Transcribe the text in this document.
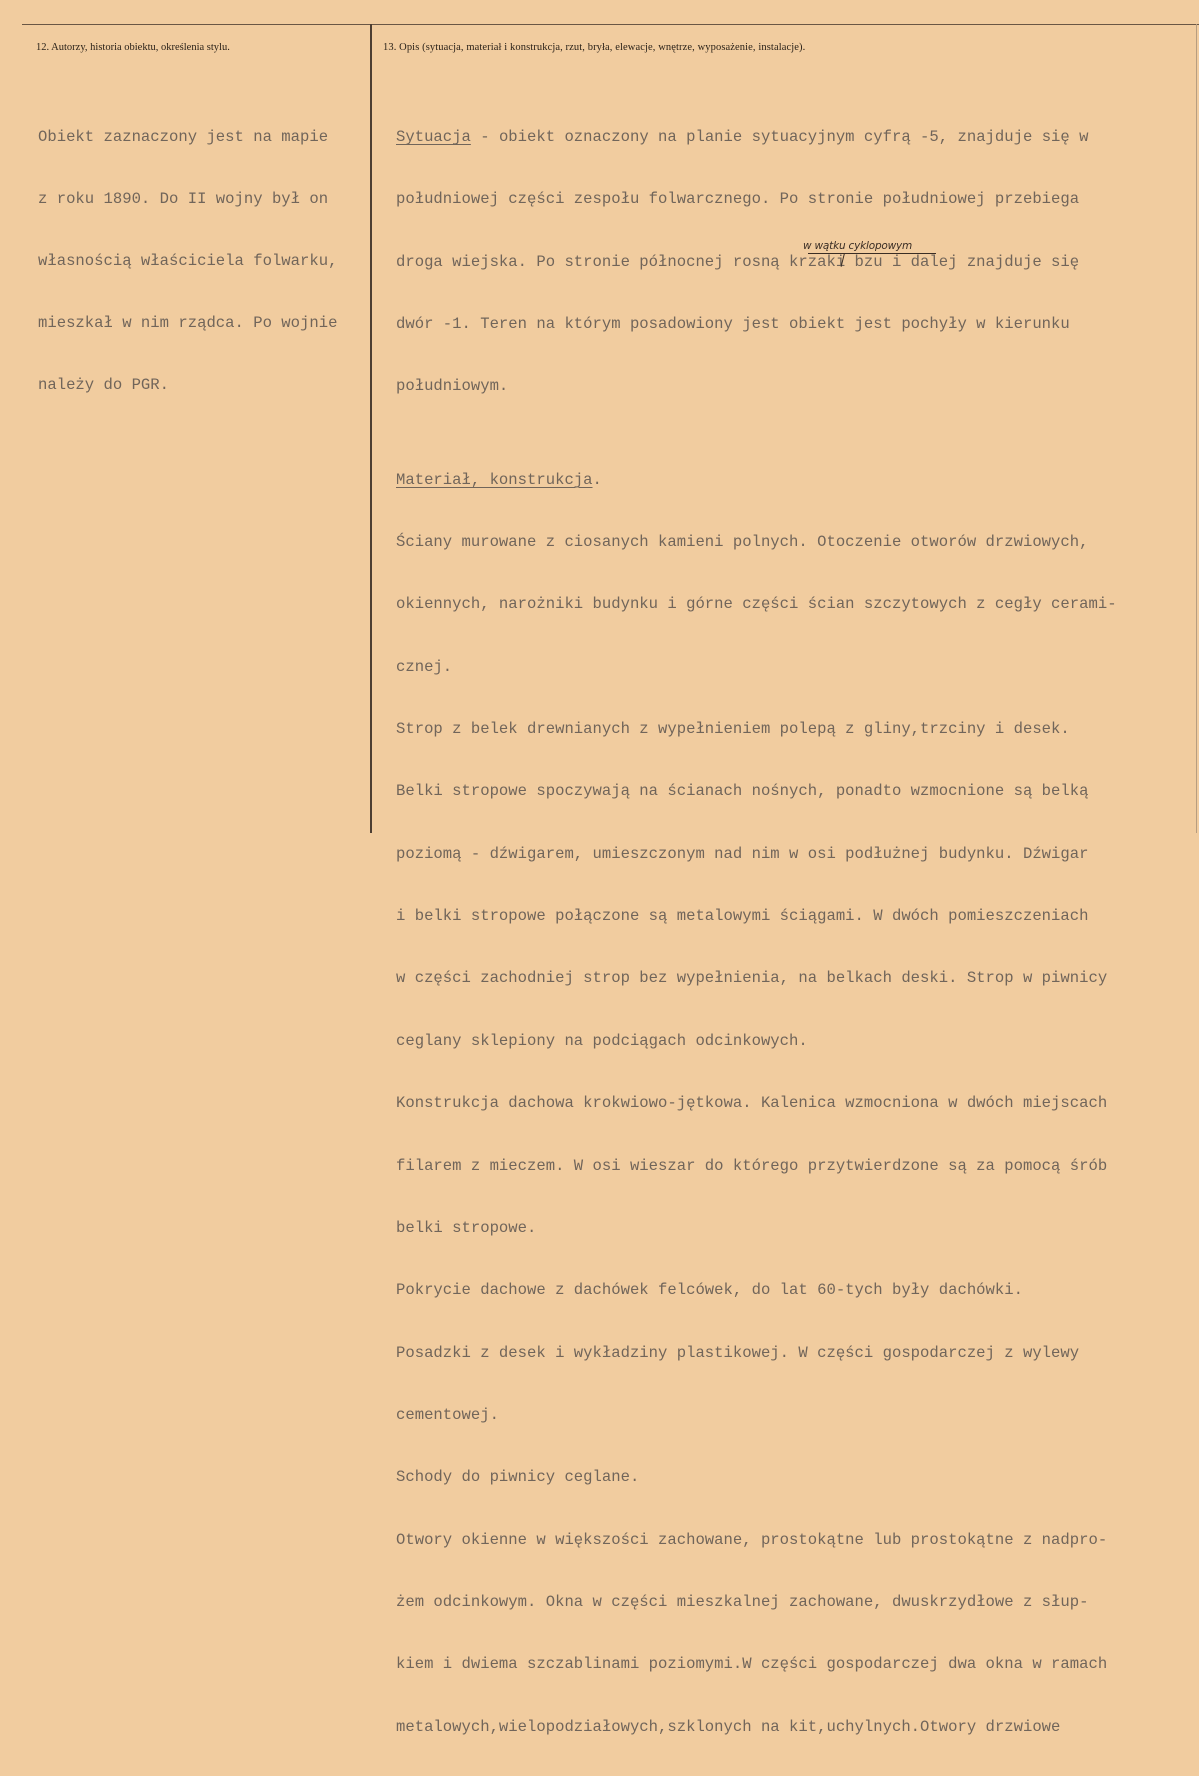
12. Autorzy, historia obiektu, określenia stylu.	13. Opis (sytuacja, materiał i konstrukcja, rzut, bryła, elewacje, wnętrze, wyposażenie, instalacje).

Obiekt zaznaczony jest na mapie

z roku 1890. Do II wojny był on

własnością właściciela folwarku,

mieszkał w nim rządca. Po wojnie

należy do PGR.

Sytuacja - obiekt oznaczony na planie sytuacyjnym cyfrą -5, znajduje się w

południowej części zespołu folwarcznego. Po stronie południowej przebiega

droga wiejska. Po stronie północnej rosną krzaki bzu i dalej znajduje się

dwór -1. Teren na którym posadowiony jest obiekt jest pochyły w kierunku

południowym.

Materiał, konstrukcja.

Ściany murowane z ciosanych kamieni polnych. Otoczenie otworów drzwiowych,

okiennych, narożniki budynku i górne części ścian szczytowych z cegły cerami-

cznej.

Strop z belek drewnianych z wypełnieniem polepą z gliny,trzciny i desek.

Belki stropowe spoczywają na ścianach nośnych, ponadto wzmocnione są belką

poziomą - dźwigarem, umieszczonym nad nim w osi podłużnej budynku. Dźwigar

i belki stropowe połączone są metalowymi ściągami. W dwóch pomieszczeniach

w części zachodniej strop bez wypełnienia, na belkach deski. Strop w piwnicy

ceglany sklepiony na podciągach odcinkowych.

Konstrukcja dachowa krokwiowo-jętkowa. Kalenica wzmocniona w dwóch miejscach

filarem z mieczem. W osi wieszar do którego przytwierdzone są za pomocą śrób

belki stropowe.

Pokrycie dachowe z dachówek felcówek, do lat 60-tych były dachówki.

Posadzki z desek i wykładziny plastikowej. W części gospodarczej z wylewy

cementowej.

Schody do piwnicy ceglane.

Otwory okienne w większości zachowane, prostokątne lub prostokątne z nadpro-

żem odcinkowym. Okna w części mieszkalnej zachowane, dwuskrzydłowe z słup-

kiem i dwiema szczablinami poziomymi.W części gospodarczej dwa okna w ramach

metalowych,wielopodziałowych,szklonych na kit,uchylnych.Otwory drzwiowe

w wątku cyklopowym
